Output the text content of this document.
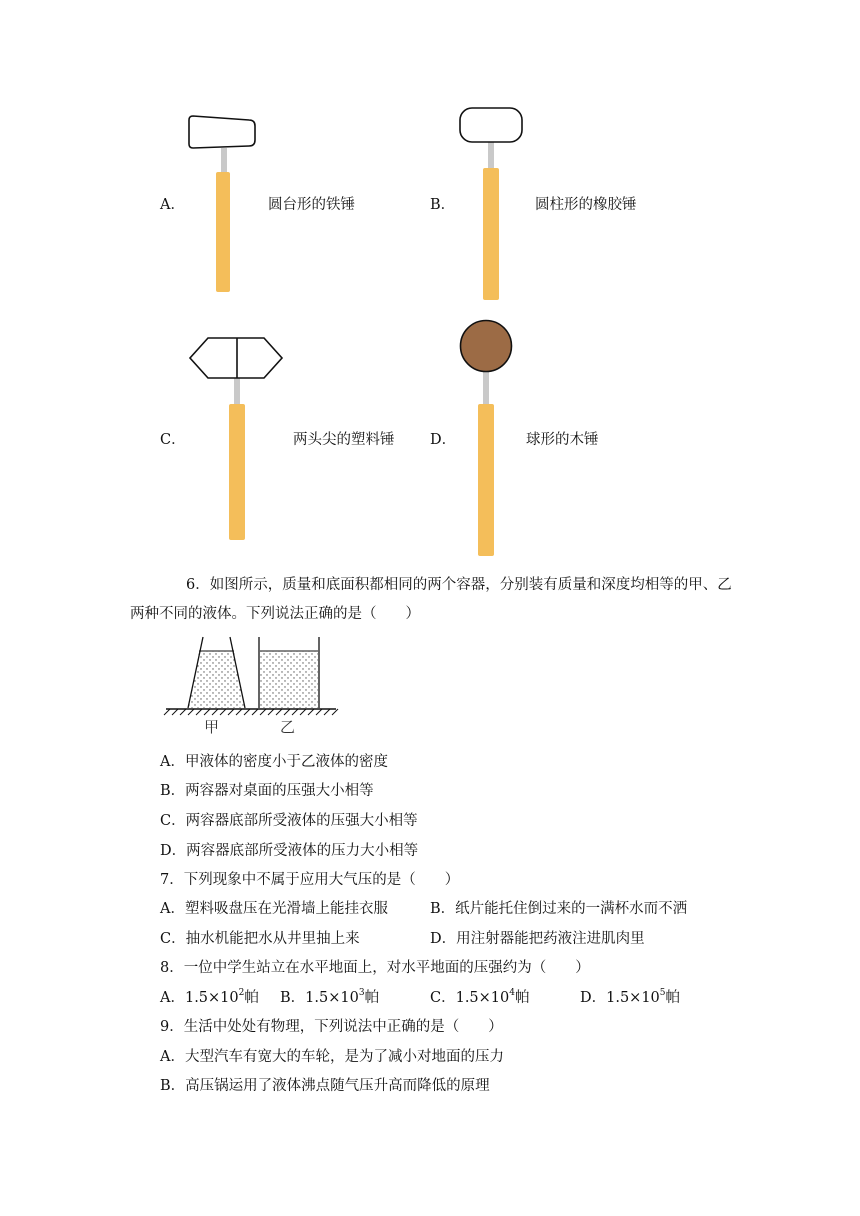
A．	圆台形的铁锤	B．	圆柱形的橡胶锤
C．	两头尖的塑料锤 D．	球形的木锤
6．如图所示，质量和底面积都相同的两个容器，分别装有质量和深度均相等的甲、乙
两种不同的液体。下列说法正确的是（　　）
甲	乙
A．甲液体的密度小于乙液体的密度
B．两容器对桌面的压强大小相等
C．两容器底部所受液体的压强大小相等
D．两容器底部所受液体的压力大小相等
7．下列现象中不属于应用大气压的是（　　）
A．塑料吸盘压在光滑墙上能挂衣服	B．纸片能托住倒过来的一满杯水而不洒
C．抽水机能把水从井里抽上来	D．用注射器能把药液注进肌肉里
8．一位中学生站立在水平地面上，对水平地面的压强约为（　　）
A．$1.5\times 10^2$帕 B．$1.5\times 10^3$帕	C．$1.5\times 10^4$帕	D．$1.5\times 10^5$帕
9．生活中处处有物理，下列说法中正确的是（　　）
A．大型汽车有宽大的车轮，是为了减小对地面的压力
B．高压锅运用了液体沸点随气压升高而降低的原理
